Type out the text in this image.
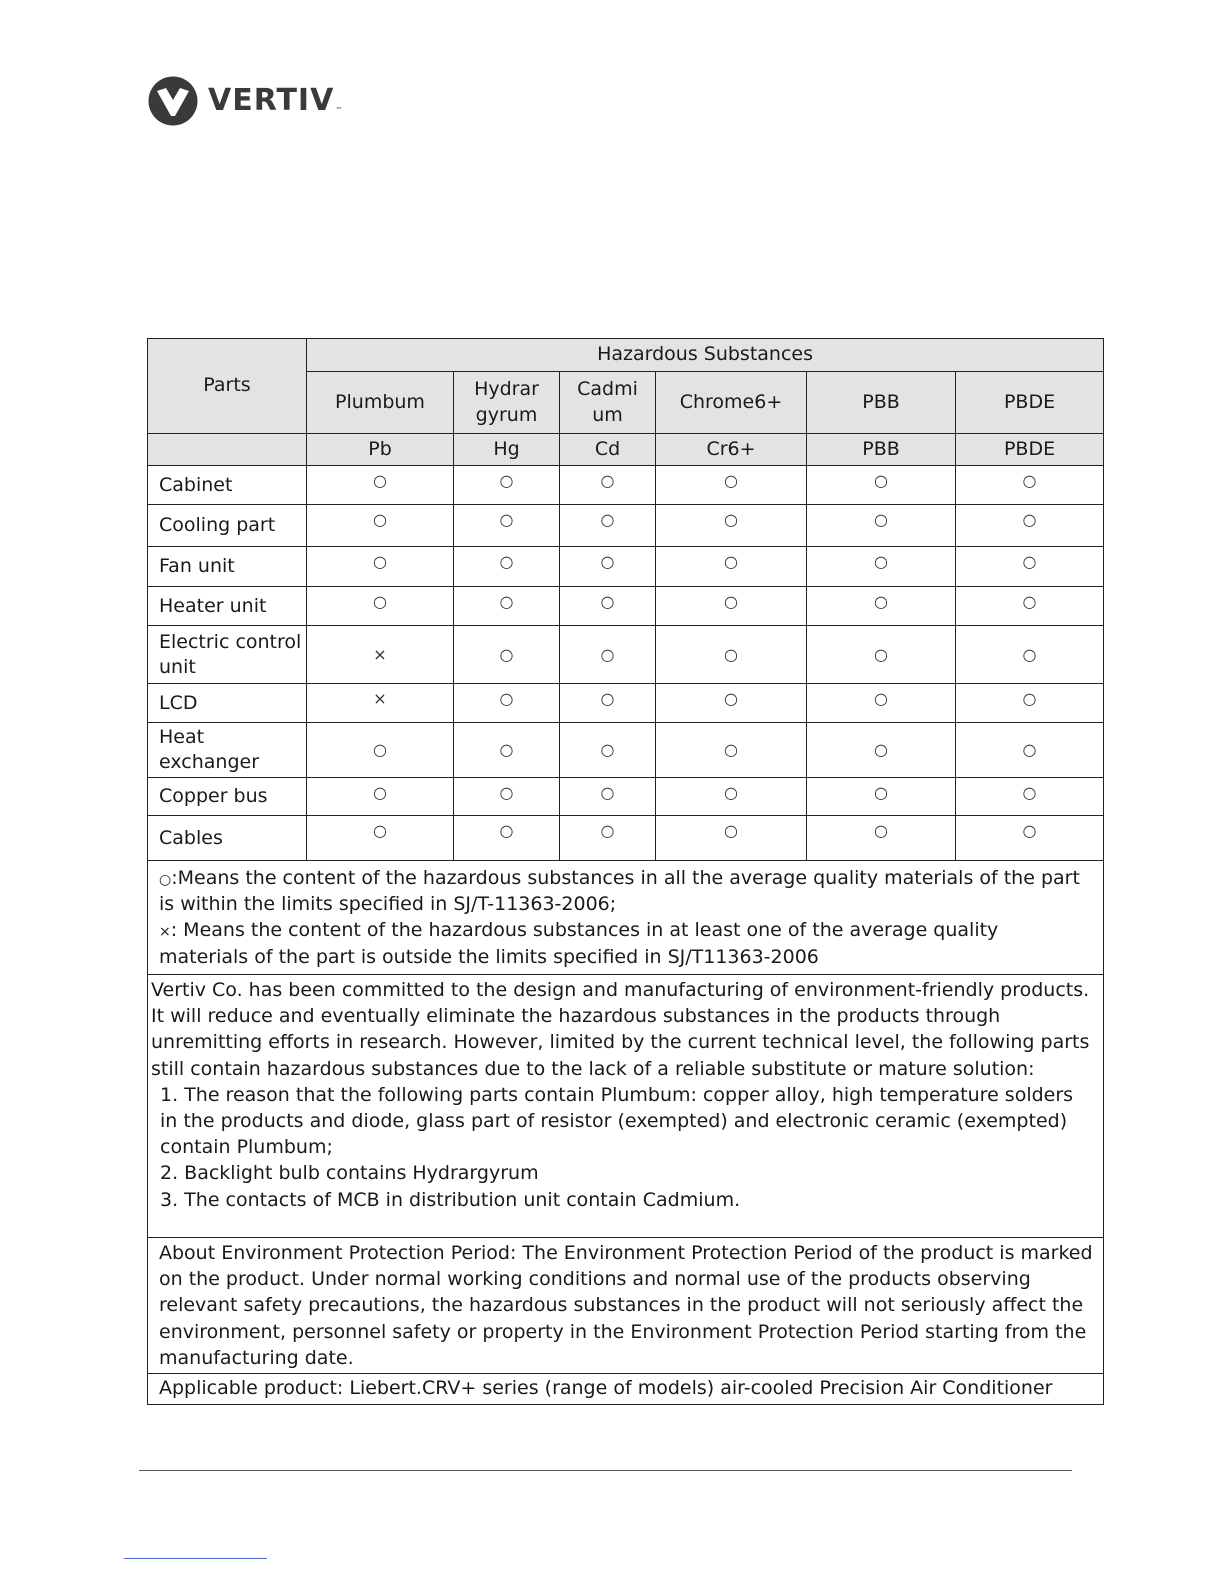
VERTIV ™
Parts	Hazardous Substances					
	Plumbum	Hydrar gyrum	Cadmi um	Chrome6+	PBB	PBDE
	Pb	Hg	Cd	Cr6+	PBB	PBDE
Cabinet	○	○	○	○	○	○
Cooling part	○	○	○	○	○	○
Fan unit	○	○	○	○	○	○
Heater unit	○	○	○	○	○	○
Electric control unit	×	○	○	○	○	○
LCD	×	○	○	○	○	○
Heat exchanger	○	○	○	○	○	○
Copper bus	○	○	○	○	○	○
Cables	○	○	○	○	○	○

○:Means the content of the hazardous substances in all the average quality materials of the part is within the limits specified in SJ/T-11363-2006;

×: Means the content of the hazardous substances in at least one of the average quality materials of the part is outside the limits specified in SJ/T11363-2006						

Vertiv Co. has been committed to the design and manufacturing of environment-friendly products. It will reduce and eventually eliminate the hazardous substances in the products through unremitting efforts in research. However, limited by the current technical level, the following parts still contain hazardous substances due to the lack of a reliable substitute or mature solution:

1. The reason that the following parts contain Plumbum: copper alloy, high temperature solders in the products and diode, glass part of resistor (exempted) and electronic ceramic (exempted) contain Plumbum;

2. Backlight bulb contains Hydrargyrum

3. The contacts of MCB in distribution unit contain Cadmium.						

About Environment Protection Period: The Environment Protection Period of the product is marked on the product. Under normal working conditions and normal use of the products observing relevant safety precautions, the hazardous substances in the product will not seriously affect the environment, personnel safety or property in the Environment Protection Period starting from the manufacturing date.						
Applicable product: Liebert.CRV+ series (range of models) air-cooled Precision Air Conditioner						
